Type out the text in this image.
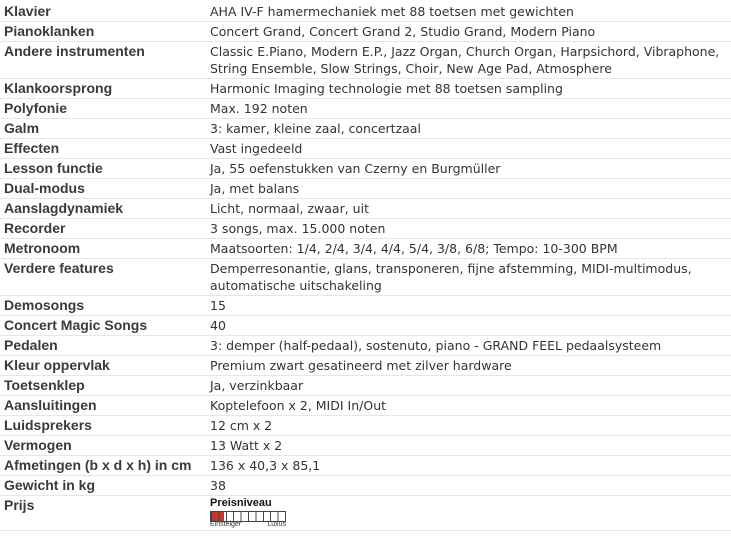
Klavier	AHA IV-F hamermechaniek met 88 toetsen met gewichten
Pianoklanken	Concert Grand, Concert Grand 2, Studio Grand, Modern Piano
Andere instrumenten	Classic E.Piano, Modern E.P., Jazz Organ, Church Organ, Harpsichord, Vibraphone, String Ensemble, Slow Strings, Choir, New Age Pad, Atmosphere
Klankoorsprong	Harmonic Imaging technologie met 88 toetsen sampling
Polyfonie	Max. 192 noten
Galm	3: kamer, kleine zaal, concertzaal
Effecten	Vast ingedeeld
Lesson functie	Ja, 55 oefenstukken van Czerny en Burgmüller
Dual-modus	Ja, met balans
Aanslagdynamiek	Licht, normaal, zwaar, uit
Recorder	3 songs, max. 15.000 noten
Metronoom	Maatsoorten: 1/4, 2/4, 3/4, 4/4, 5/4, 3/8, 6/8; Tempo: 10-300 BPM
Verdere features	Demperresonantie, glans, transponeren, fijne afstemming, MIDI-multimodus, automatische uitschakeling
Demosongs	15
Concert Magic Songs	40
Pedalen	3: demper (half-pedaal), sostenuto, piano - GRAND FEEL pedaalsysteem
Kleur oppervlak	Premium zwart gesatineerd met zilver hardware
Toetsenklep	Ja, verzinkbaar
Aansluitingen	Koptelefoon x 2, MIDI In/Out
Luidsprekers	12 cm x 2
Vermogen	13 Watt x 2
Afmetingen (b x d x h) in cm	136 x 40,3 x 85,1
Gewicht in kg	38
Prijs	Preisniveau
Einsteiger Luxus
